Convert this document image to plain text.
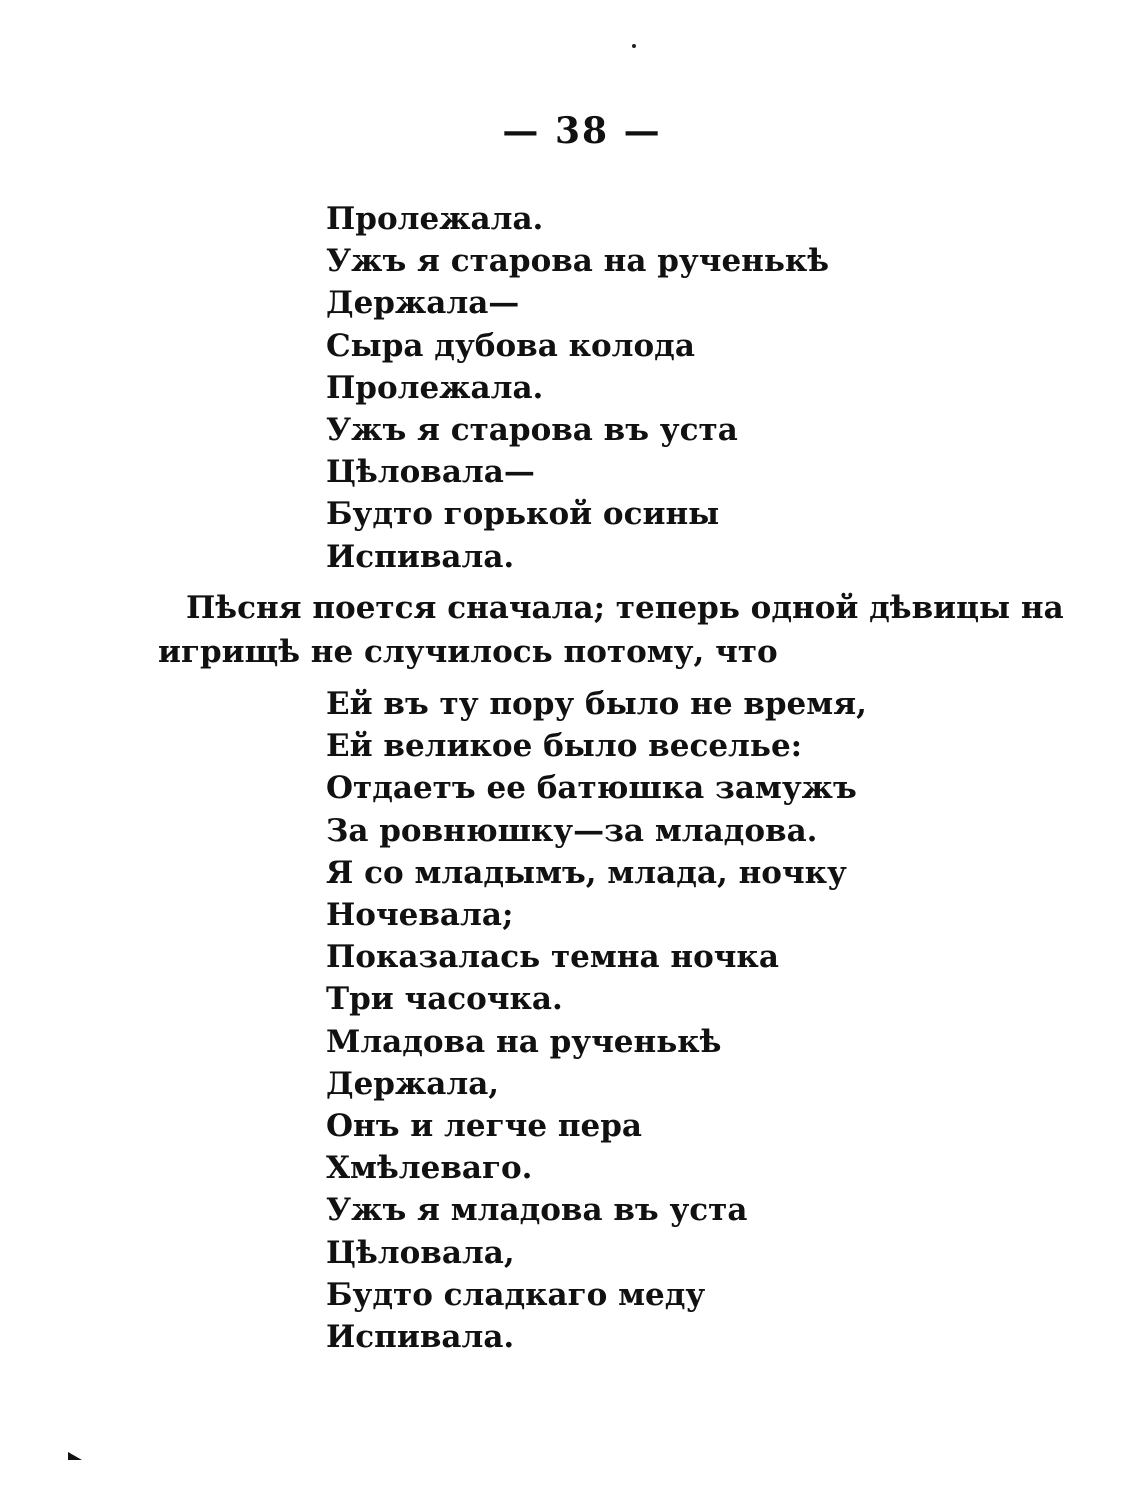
— 38 —
Пролежала.
Ужъ я старова на рученькѣ
Держала—
Сыра дубова колода
Пролежала.
Ужъ я старова въ уста
Цѣловала—
Будто горькой осины
Испивала.

Пѣсня поется сначала; теперь одной дѣвицы на
игрищѣ не случилось потому, что

Ей въ ту пору было не время,
Ей великое было веселье:
Отдаетъ ее батюшка замужъ
За ровнюшку—за младова.
Я со младымъ, млада, ночку
Ночевала;
Показалась темна ночка
Три часочка.
Младова на рученькѣ
Держала,
Онъ и легче пера
Хмѣлеваго.
Ужъ я младова въ уста
Цѣловала,
Будто сладкаго меду
Испивала.
